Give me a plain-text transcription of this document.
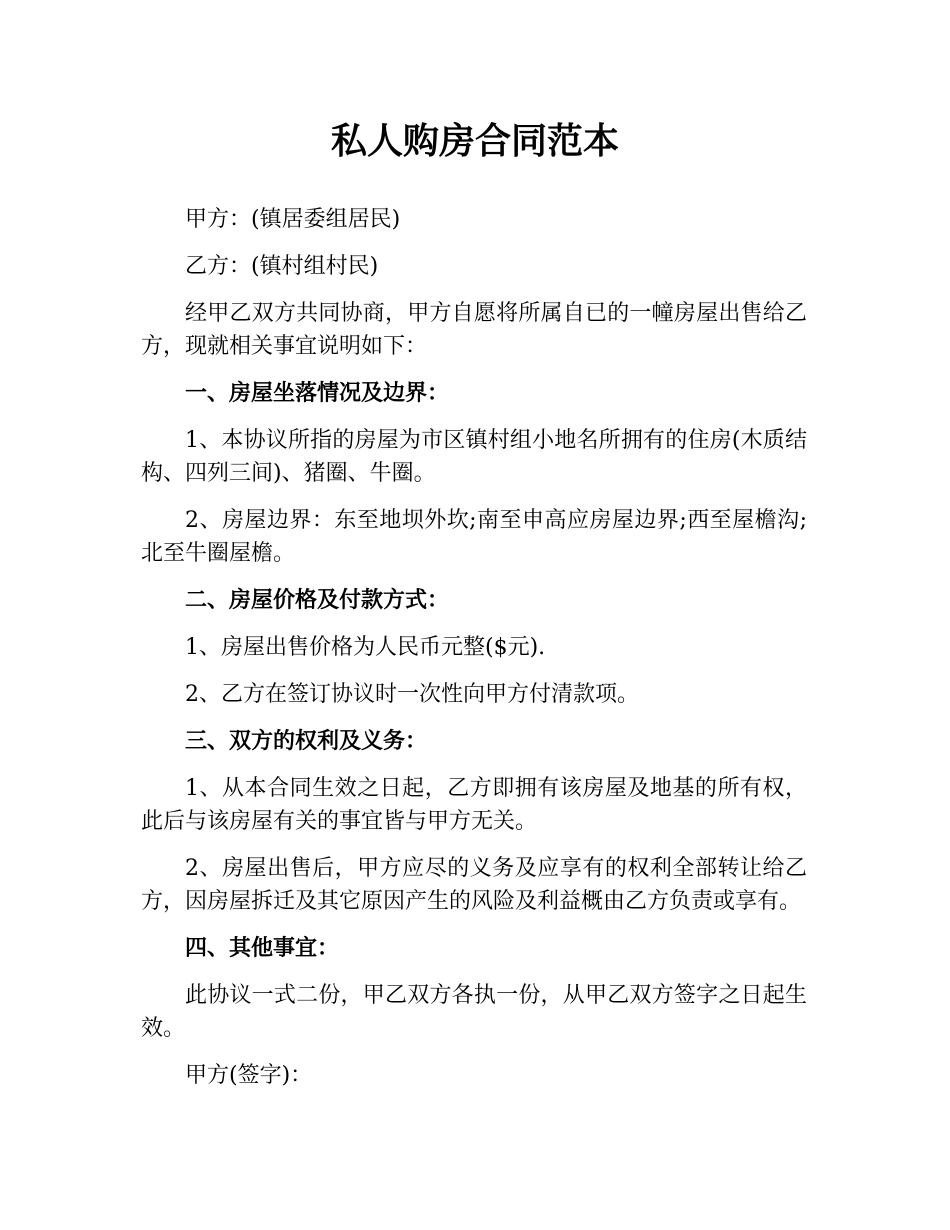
私人购房合同范本

甲方：(镇居委组居民)

乙方：(镇村组村民)

经甲乙双方共同协商，甲方自愿将所属自已的一幢房屋出售给乙方，现就相关事宜说明如下：

一、房屋坐落情况及边界：

1、本协议所指的房屋为市区镇村组小地名所拥有的住房(木质结构、四列三间)、猪圈、牛圈。

2、房屋边界：东至地坝外坎;南至申高应房屋边界;西至屋檐沟;北至牛圈屋檐。

二、房屋价格及付款方式：

1、房屋出售价格为人民币元整($元).

2、乙方在签订协议时一次性向甲方付清款项。

三、双方的权利及义务：

1、从本合同生效之日起，乙方即拥有该房屋及地基的所有权，此后与该房屋有关的事宜皆与甲方无关。

2、房屋出售后，甲方应尽的义务及应享有的权利全部转让给乙方，因房屋拆迁及其它原因产生的风险及利益概由乙方负责或享有。

四、其他事宜：

此协议一式二份，甲乙双方各执一份，从甲乙双方签字之日起生效。

甲方(签字)：
